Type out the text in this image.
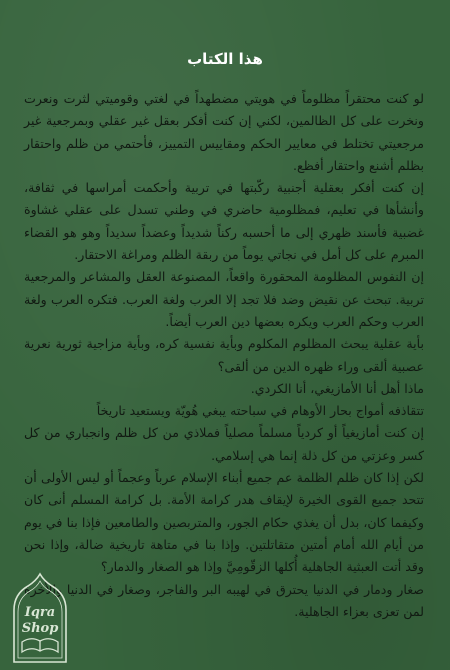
هذا الكتاب

لو كنت محتقراً مظلوماً في هويتي مضطهداً في لغتي وقوميتي لثرت ونعرت ونخرت على كل الظالمين، لكني إن كنت أفكر بعقل غير عقلي وبمرجعية غير مرجعيتي تختلط في معايير الحكم ومقاييس التمييز، فأحتمي من ظلم واحتقار بظلم أشنع واحتقار أفظع.

إن كنت أفكر بعقلية أجنبية ركّبتها في تربية وأحكمت أمراسها في ثقافة، وأنشأها في تعليم، فمظلومية حاضري في وطني تسدل على عقلي غشاوة غضبية فأسند ظهري إلى ما أحسبه ركناً شديداً وعضداً سديداً وهو هو القضاء المبرم على كل أمل في نجاتي يوماً من ربقة الظلم ومراغة الاحتقار.

إن النفوس المظلومة المحقورة واقعاً، المصنوعة العقل والمشاعر والمرجعية تربية. تبحث عن نقيض وضد فلا تجد إلا العرب ولغة العرب. فتكره العرب ولغة العرب وحكم العرب ويكره بعضها دين العرب أيضاً.

بأية عقلية يبحث المظلوم المكلوم وبأية نفسية كره، وبأية مزاجية ثورية نعرية عصبية ألقى وراء ظهره الدين من ألقى؟

ماذا أهل أنا الأمازيغي، أنا الكردي.

تتقاذفه أمواج بحار الأوهام في سباحته يبغي هُويّة ويستعيد تاريخاً

إن كنت أمازيغياً أو كردياً مسلماً مصلياً فملاذي من كل ظلم وانجباري من كل كسر وعزتي من كل ذلة إنما هي إسلامي.

لكن إذا كان ظلم الظلمة عم جميع أبناء الإسلام عرباً وعجماً أو ليس الأولى أن تتحد جميع القوى الخيرة لإيقاف هدر كرامة الأمة. بل كرامة المسلم أنى كان وكيفما كان، بدل أن يغذي حكام الجور، والمتربصين والطامعين فإذا بنا في يوم من أيام الله أمام أمتين متقاتلتين. وإذا بنا في متاهة تاريخية ضالة، وإذا نحن وقد أتت العبثية الجاهلية أُكلها الزقّومِيَّ وإذا هو الصغار والدمار؟

صغار ودمار في الدنيا يحترق في لهيبه البر والفاجر، وصغار في الدنيا والأخرة لمن تعزى بعزاء الجاهلية.

Iqra
Shop
